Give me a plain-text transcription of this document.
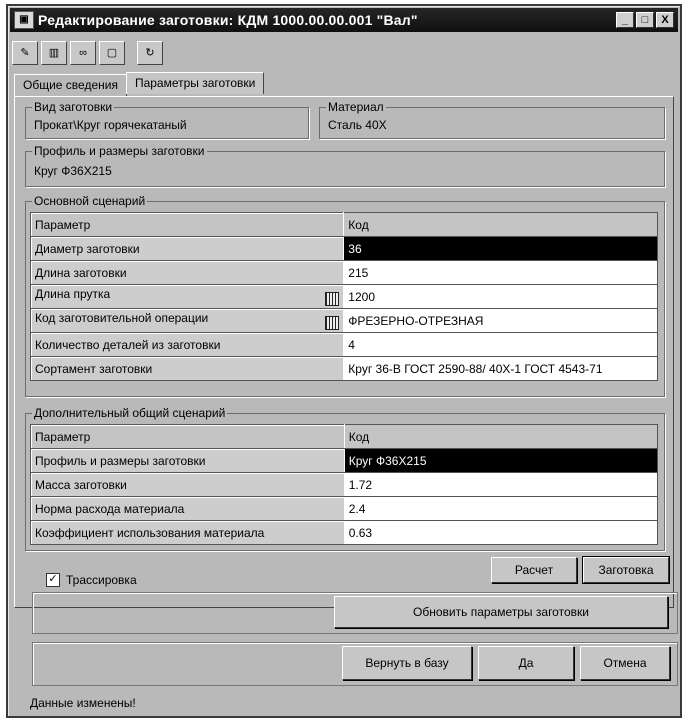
▣ Редактирование заготовки: КДМ 1000.00.00.001 "Вал"	_	□	X
✎	▥	∞	▢	↻
Общие сведения	Параметры заготовки
Вид заготовки
Прокат\Круг горячекатаный
Материал
Сталь 40Х
Профиль и размеры заготовки
Круг Ф36Х215
Основной сценарий
Параметр	Код
Диаметр заготовки	36
Длина заготовки	215
Длина прутка	1200
Код заготовительной операции	ФРЕЗЕРНО-ОТРЕЗНАЯ
Количество деталей из заготовки	4
Сортамент заготовки	Круг 36-В ГОСТ 2590-88/ 40Х-1 ГОСТ 4543-71
Дополнительный общий сценарий
Параметр	Код
Профиль и размеры заготовки	Круг Ф36Х215
Масса заготовки	1.72
Норма расхода материала	2.4
Коэффициент использования материала	0.63
Расчет	Заготовка
✓ Трассировка
Обновить параметры заготовки
Вернуть в базу	Да	Отмена
Данные изменены!
